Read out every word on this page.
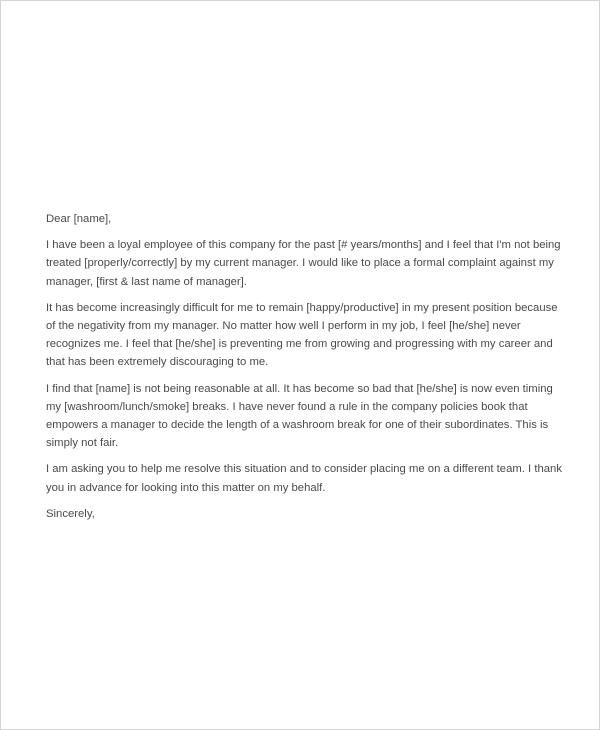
Dear [name],

I have been a loyal employee of this company for the past [# years/months] and I feel that I'm not being treated [properly/correctly] by my current manager. I would like to place a formal complaint against my manager, [first & last name of manager].

It has become increasingly difficult for me to remain [happy/productive] in my present position because of the negativity from my manager. No matter how well I perform in my job, I feel [he/she] never recognizes me. I feel that [he/she] is preventing me from growing and progressing with my career and that has been extremely discouraging to me.

I find that [name] is not being reasonable at all. It has become so bad that [he/she] is now even timing my [washroom/lunch/smoke] breaks. I have never found a rule in the company policies book that empowers a manager to decide the length of a washroom break for one of their subordinates. This is simply not fair.

I am asking you to help me resolve this situation and to consider placing me on a different team. I thank you in advance for looking into this matter on my behalf.

Sincerely,
